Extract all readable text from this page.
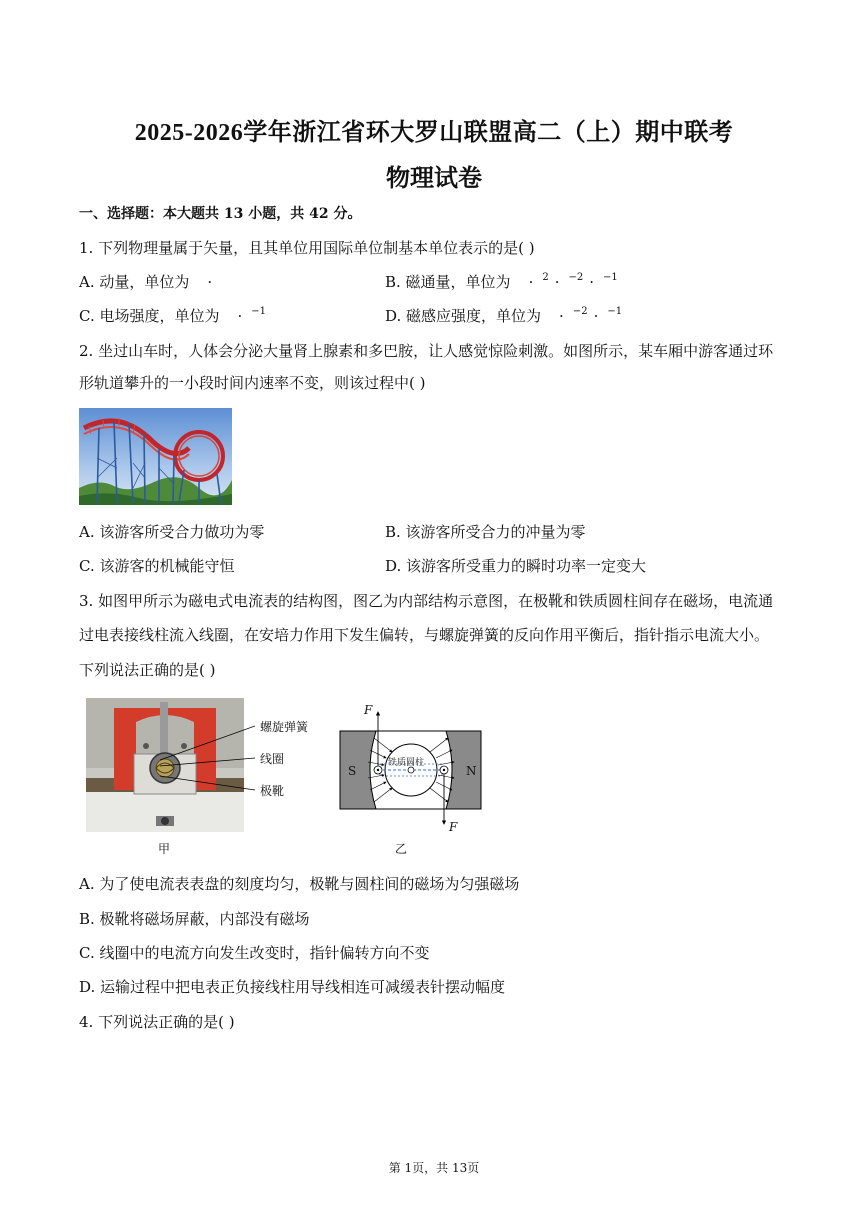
2025-2026学年浙江省环大罗山联盟高二（上）期中联考
物理试卷
一、选择题：本大题共 13 小题，共 42 分。
1. 下列物理量属于矢量，且其单位用国际单位制基本单位表示的是( )
A. 动量，单位为 ·	B. 磁通量，单位为 · $^2$ · $^{-2}$ · $^{-1}$
C. 电场强度，单位为 · $^{-1}$	D. 磁感应强度，单位为 · $^{-2}$ · $^{-1}$
2. 坐过山车时，人体会分泌大量肾上腺素和多巴胺，让人感觉惊险刺激。如图所示，某车厢中游客通过环
形轨道攀升的一小段时间内速率不变，则该过程中( )
A. 该游客所受合力做功为零	B. 该游客所受合力的冲量为零
C. 该游客的机械能守恒	D. 该游客所受重力的瞬时功率一定变大
3. 如图甲所示为磁电式电流表的结构图，图乙为内部结构示意图，在极靴和铁质圆柱间存在磁场，电流通
过电表接线柱流入线圈，在安培力作用下发生偏转，与螺旋弹簧的反向作用平衡后，指针指示电流大小。
下列说法正确的是( )
螺旋弹簧
线圈
极靴
甲
F
F
S	N
铁质圆柱
乙
A. 为了使电流表表盘的刻度均匀，极靴与圆柱间的磁场为匀强磁场
B. 极靴将磁场屏蔽，内部没有磁场
C. 线圈中的电流方向发生改变时，指针偏转方向不变
D. 运输过程中把电表正负接线柱用导线相连可减缓表针摆动幅度
4. 下列说法正确的是( )
第 1页，共 13页
